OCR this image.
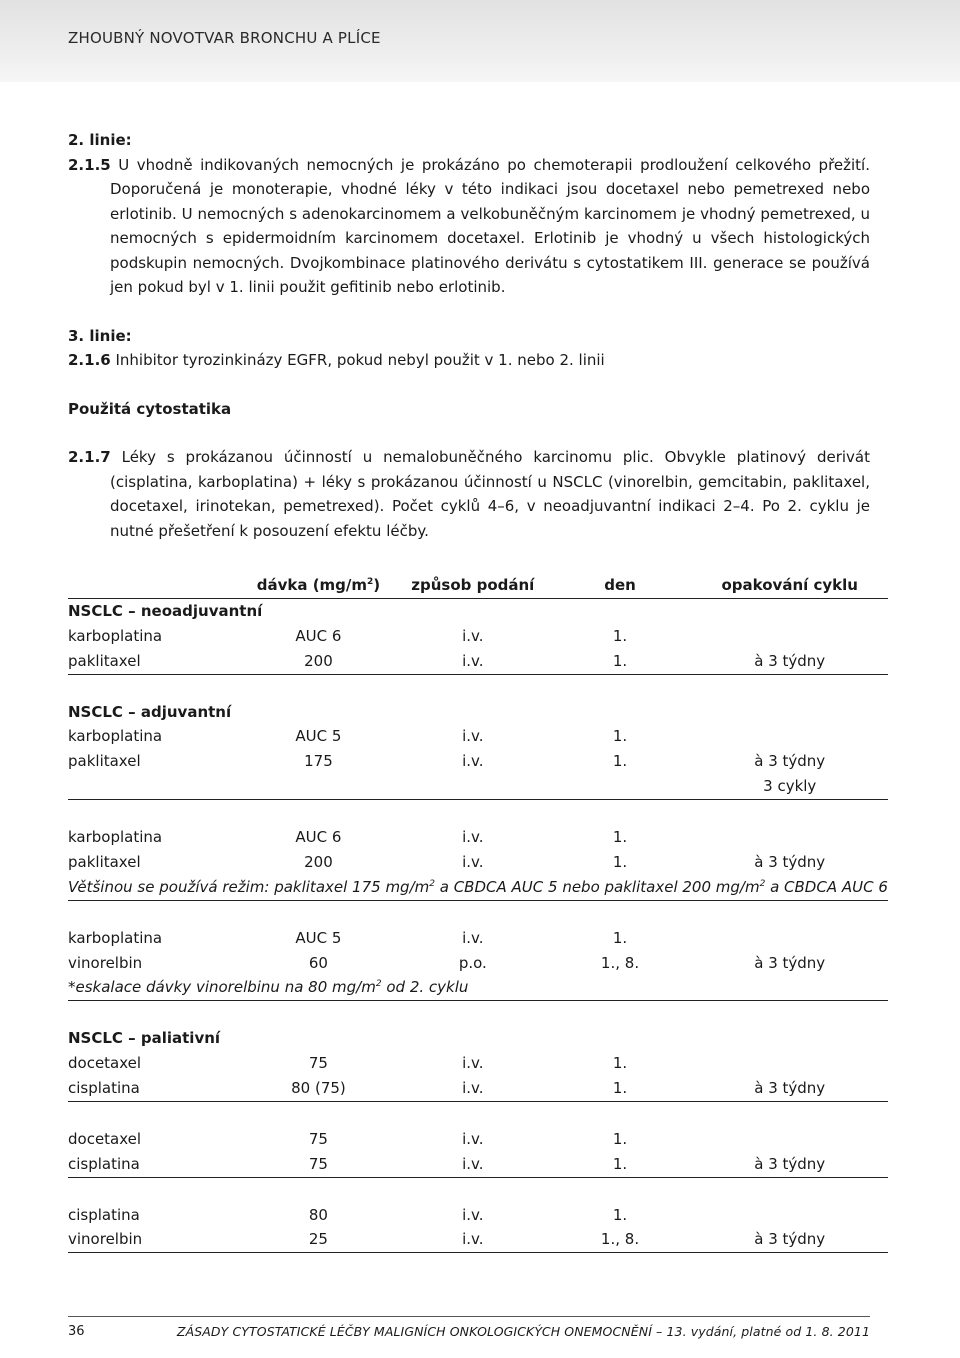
ZHOUBNÝ NOVOTVAR BRONCHU A PLÍCE
2. linie:
2.1.5 U vhodně indikovaných nemocných je prokázáno po chemoterapii prodloužení celkového přežití. Doporučená je monoterapie, vhodné léky v této indikaci jsou docetaxel nebo pemetrexed nebo erlotinib. U nemocných s adenokarcinomem a velkobuněčným karcinomem je vhodný pemetrexed, u nemocných s epidermoidním karcinomem docetaxel. Erlotinib je vhodný u všech histologických podskupin nemocných. Dvojkombinace platinového derivátu s cytostatikem III. generace se používá jen pokud byl v 1. linii použit gefitinib nebo erlotinib.
3. linie:
2.1.6 Inhibitor tyrozinkinázy EGFR, pokud nebyl použit v 1. nebo 2. linii
Použitá cytostatika
2.1.7 Léky s prokázanou účinností u nemalobuněčného karcinomu plic. Obvykle platinový derivát (cisplatina, karboplatina) + léky s prokázanou účinností u NSCLC (vinorelbin, gemcitabin, paklitaxel, docetaxel, irinotekan, pemetrexed). Počet cyklů 4–6, v neoadjuvantní indikaci 2–4. Po 2. cyklu je nutné přešetření k posouzení efektu léčby.
	dávka $(mg/m^2)$	způsob podání	den	opakování cyklu
NSCLC – neoadjuvantní				
karboplatina	AUC 6	i.v.	1.	
paklitaxel	200	i.v.	1.	à 3 týdny

NSCLC – adjuvantní				
karboplatina	AUC 5	i.v.	1.	
paklitaxel	175	i.v.	1.	à 3 týdny
				3 cykly

karboplatina	AUC 6	i.v.	1.	
paklitaxel	200	i.v.	1.	à 3 týdny
Většinou se používá režim: paklitaxel 175 $mg/m^2$ a CBDCA AUC 5 nebo paklitaxel 200 $mg/m^2$ a CBDCA AUC 6				

karboplatina	AUC 5	i.v.	1.	
vinorelbin	60	p.o.	1., 8.	à 3 týdny
*eskalace dávky vinorelbinu na 80 $mg/m^2$ od 2. cyklu				

NSCLC – paliativní				
docetaxel	75	i.v.	1.	
cisplatina	80 (75)	i.v.	1.	à 3 týdny

docetaxel	75	i.v.	1.	
cisplatina	75	i.v.	1.	à 3 týdny

cisplatina	80	i.v.	1.	
vinorelbin	25	i.v.	1., 8.	à 3 týdny
36	ZÁSADY CYTOSTATICKÉ LÉČBY MALIGNÍCH ONKOLOGICKÝCH ONEMOCNĚNÍ – 13. vydání, platné od 1. 8. 2011
